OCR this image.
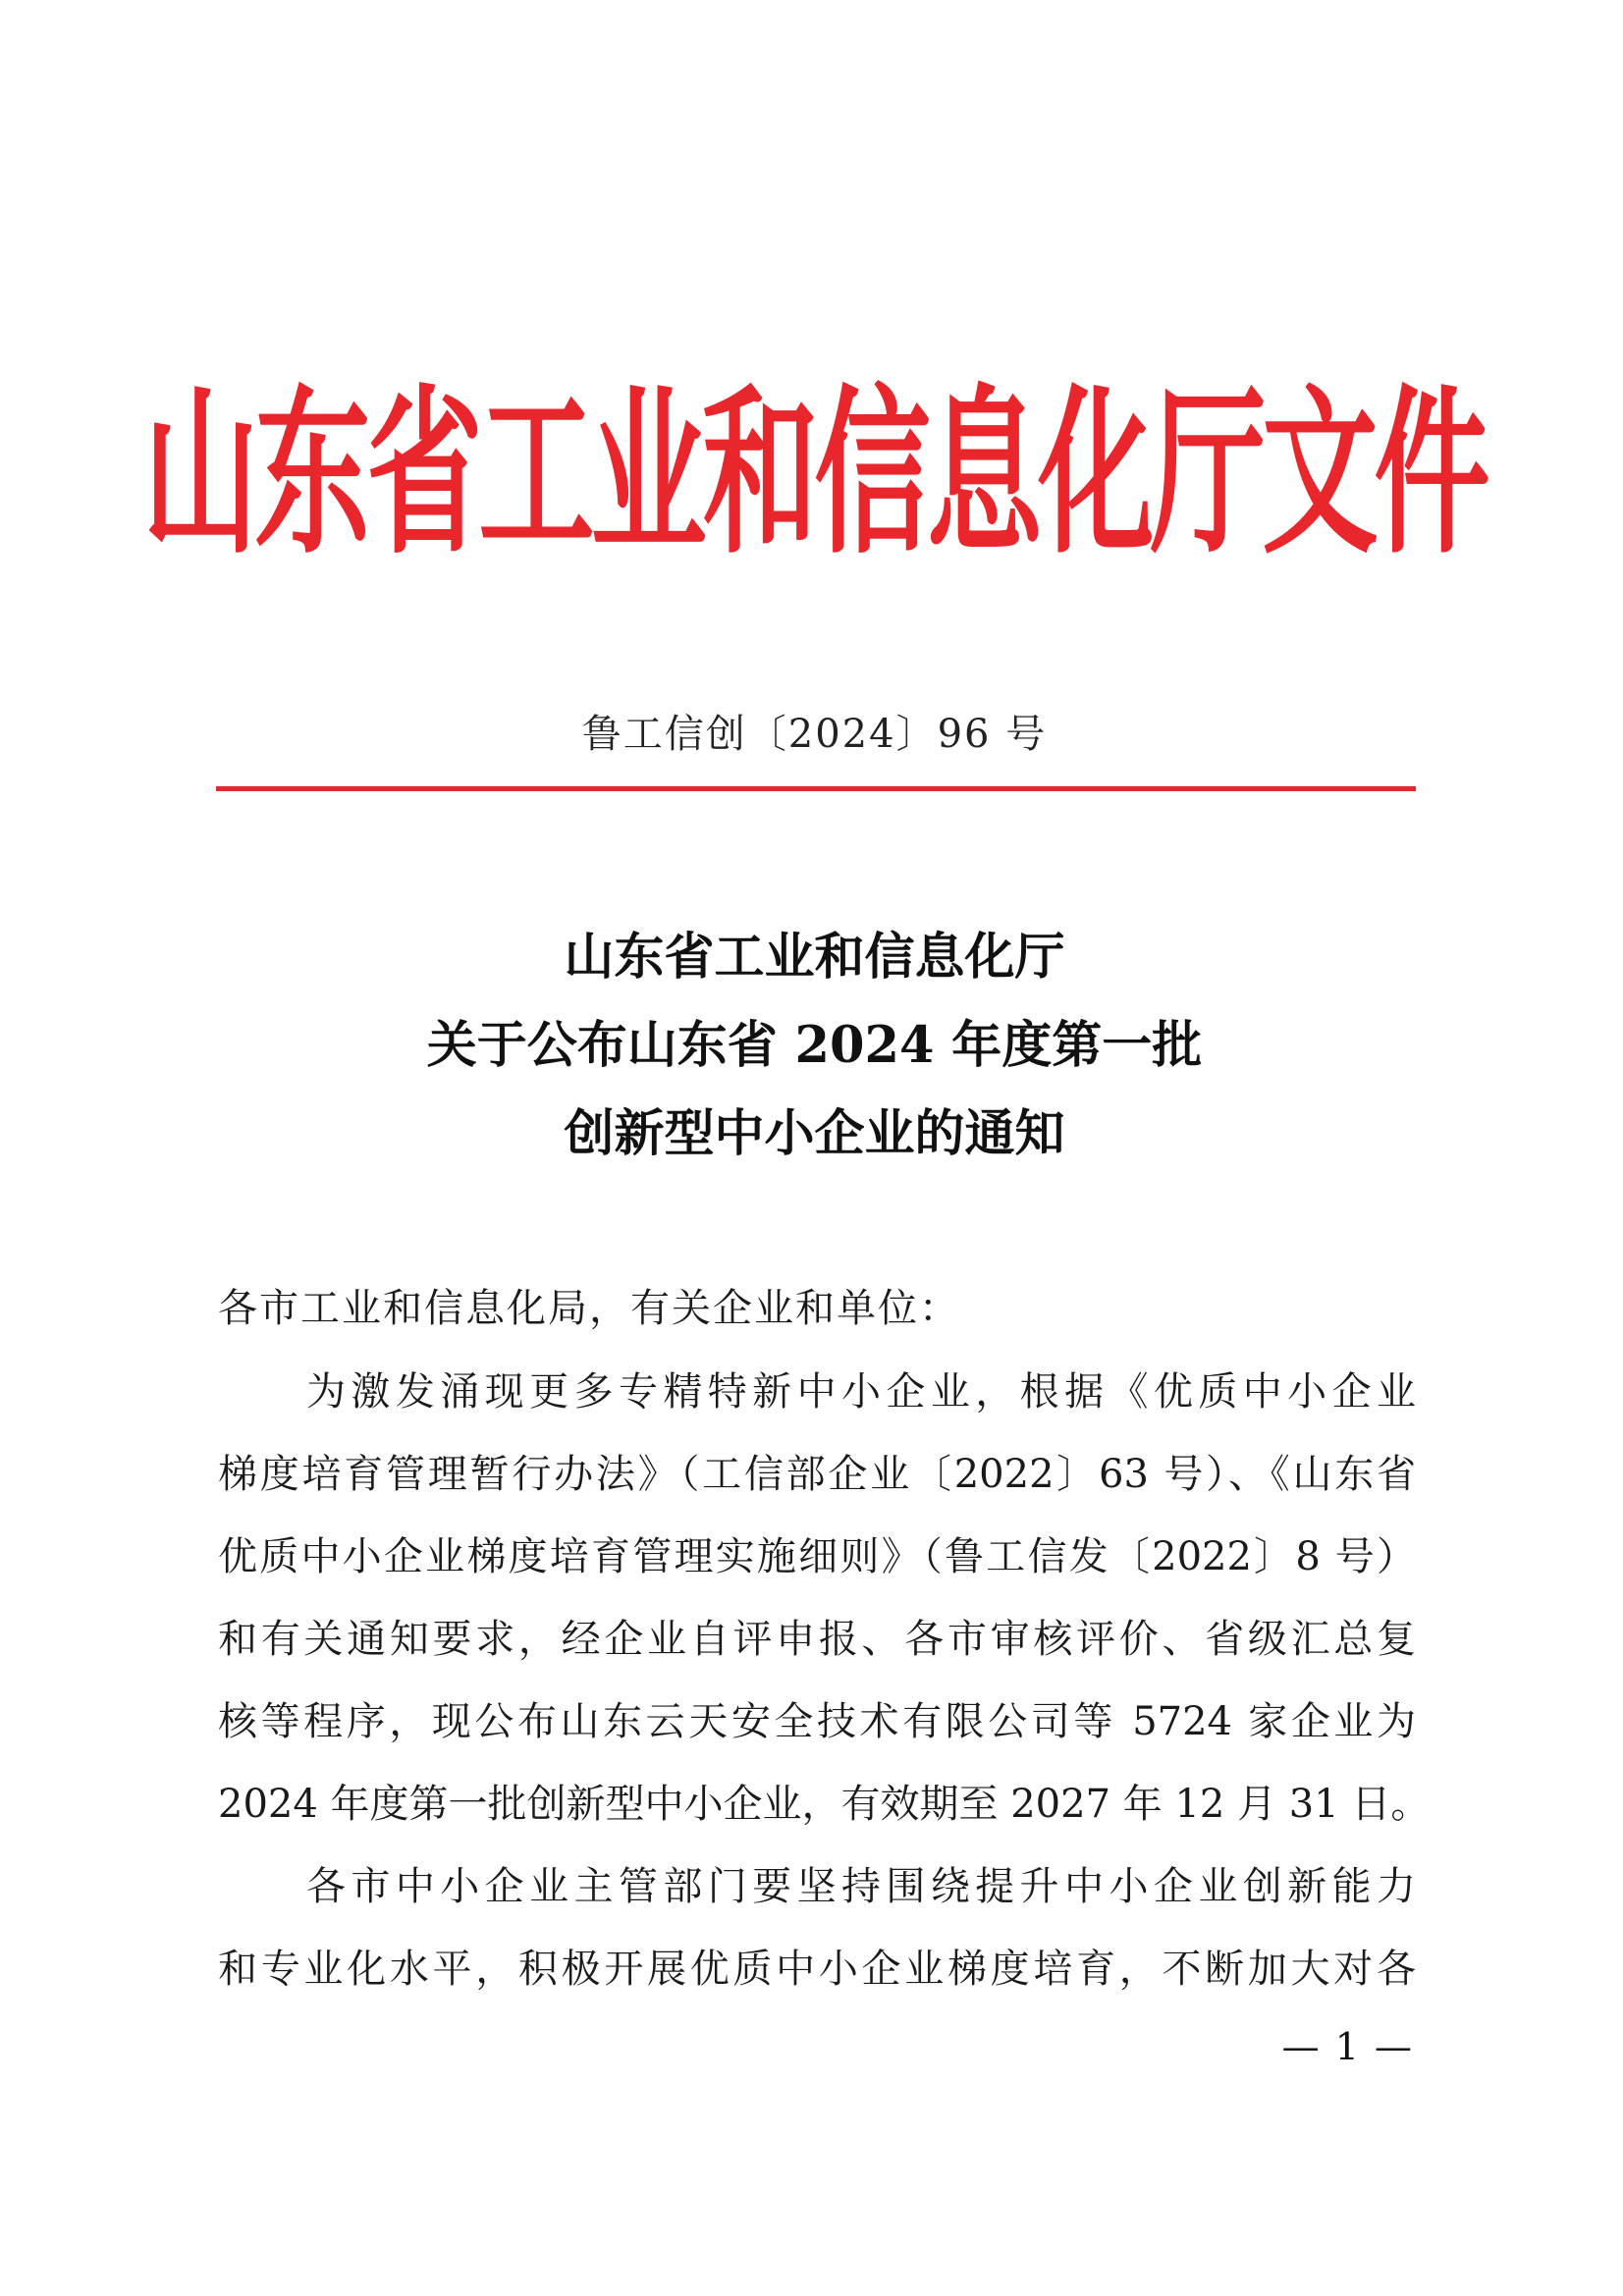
山东省工业和信息化厅文件
鲁工信创〔2024〕96 号
山东省工业和信息化厅
关于公布山东省 2024 年度第一批
创新型中小企业的通知
各市工业和信息化局，有关企业和单位：
为激发涌现更多专精特新中小企业，根据《优质中小企业
梯度培育管理暂行办法》（工信部企业〔2022〕63 号）、《山东省
优质中小企业梯度培育管理实施细则》（鲁工信发〔2022〕8 号）
和有关通知要求，经企业自评申报、各市审核评价、省级汇总复
核等程序，现公布山东云天安全技术有限公司等 5724 家企业为
2024 年度第一批创新型中小企业，有效期至 2027 年 12 月 31 日。
各市中小企业主管部门要坚持围绕提升中小企业创新能力
和专业化水平，积极开展优质中小企业梯度培育，不断加大对各
— 1 —
